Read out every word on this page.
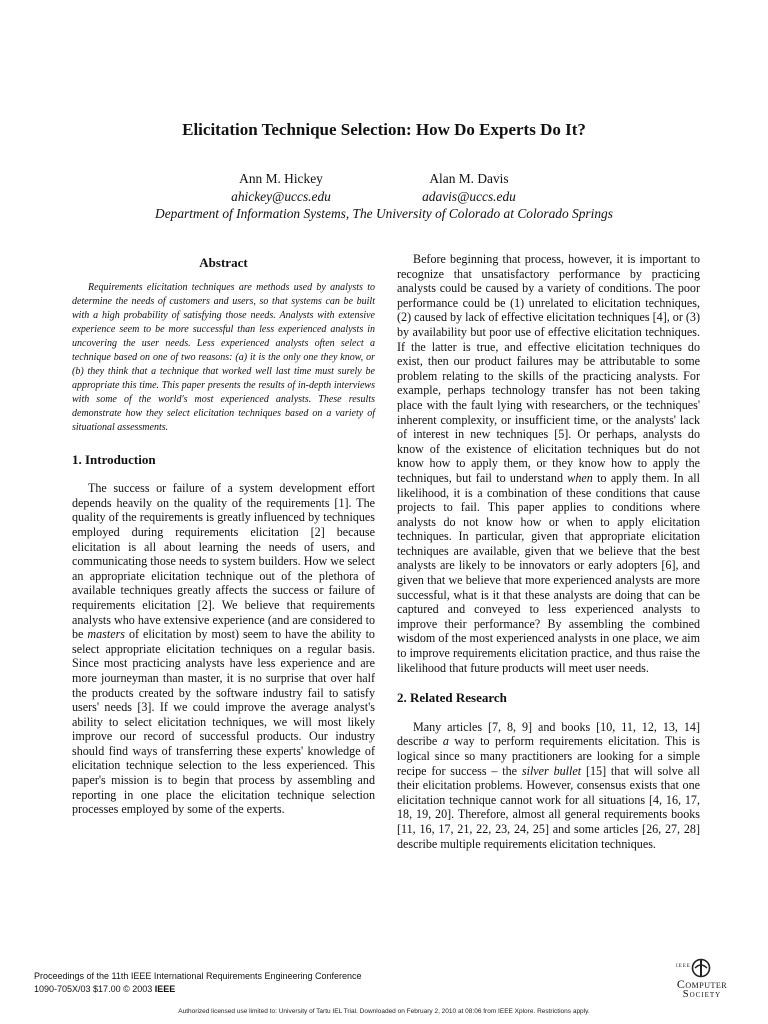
Elicitation Technique Selection: How Do Experts Do It?
Ann M. Hickey
ahickey@uccs.edu
Alan M. Davis
adavis@uccs.edu
Department of Information Systems, The University of Colorado at Colorado Springs
Abstract

Requirements elicitation techniques are methods used by analysts to determine the needs of customers and users, so that systems can be built with a high probability of satisfying those needs. Analysts with extensive experience seem to be more successful than less experienced analysts in uncovering the user needs. Less experienced analysts often select a technique based on one of two reasons: (a) it is the only one they know, or (b) they think that a technique that worked well last time must surely be appropriate this time. This paper presents the results of in-depth interviews with some of the world's most experienced analysts. These results demonstrate how they select elicitation techniques based on a variety of situational assessments.

1. Introduction

The success or failure of a system development effort depends heavily on the quality of the requirements [1]. The quality of the requirements is greatly influenced by techniques employed during requirements elicitation [2] because elicitation is all about learning the needs of users, and communicating those needs to system builders. How we select an appropriate elicitation technique out of the plethora of available techniques greatly affects the success or failure of requirements elicitation [2]. We believe that requirements analysts who have extensive experience (and are considered to be masters of elicitation by most) seem to have the ability to select appropriate elicitation techniques on a regular basis. Since most practicing analysts have less experience and are more journeyman than master, it is no surprise that over half the products created by the software industry fail to satisfy users' needs [3]. If we could improve the average analyst's ability to select elicitation techniques, we will most likely improve our record of successful products. Our industry should find ways of transferring these experts' knowledge of elicitation technique selection to the less experienced. This paper's mission is to begin that process by assembling and reporting in one place the elicitation technique selection processes employed by some of the experts.

Before beginning that process, however, it is important to recognize that unsatisfactory performance by practicing analysts could be caused by a variety of conditions. The poor performance could be (1) unrelated to elicitation techniques, (2) caused by lack of effective elicitation techniques [4], or (3) by availability but poor use of effective elicitation techniques. If the latter is true, and effective elicitation techniques do exist, then our product failures may be attributable to some problem relating to the skills of the practicing analysts. For example, perhaps technology transfer has not been taking place with the fault lying with researchers, or the techniques' inherent complexity, or insufficient time, or the analysts' lack of interest in new techniques [5]. Or perhaps, analysts do know of the existence of elicitation techniques but do not know how to apply them, or they know how to apply the techniques, but fail to understand when to apply them. In all likelihood, it is a combination of these conditions that cause projects to fail. This paper applies to conditions where analysts do not know how or when to apply elicitation techniques. In particular, given that appropriate elicitation techniques are available, given that we believe that the best analysts are likely to be innovators or early adopters [6], and given that we believe that more experienced analysts are more successful, what is it that these analysts are doing that can be captured and conveyed to less experienced analysts to improve their performance? By assembling the combined wisdom of the most experienced analysts in one place, we aim to improve requirements elicitation practice, and thus raise the likelihood that future products will meet user needs.

2. Related Research

Many articles [7, 8, 9] and books [10, 11, 12, 13, 14] describe a way to perform requirements elicitation. This is logical since so many practitioners are looking for a simple recipe for success – the silver bullet [15] that will solve all their elicitation problems. However, consensus exists that one elicitation technique cannot work for all situations [4, 16, 17, 18, 19, 20]. Therefore, almost all general requirements books [11, 16, 17, 21, 22, 23, 24, 25] and some articles [26, 27, 28] describe multiple requirements elicitation techniques.

Proceedings of the 11th IEEE International Requirements Engineering Conference
1090-705X/03 $17.00 © 2003 IEEE
IEEE
Computer
Society
Authorized licensed use limited to: University of Tartu IEL Trial. Downloaded on February 2, 2010 at 08:06 from IEEE Xplore. Restrictions apply.
